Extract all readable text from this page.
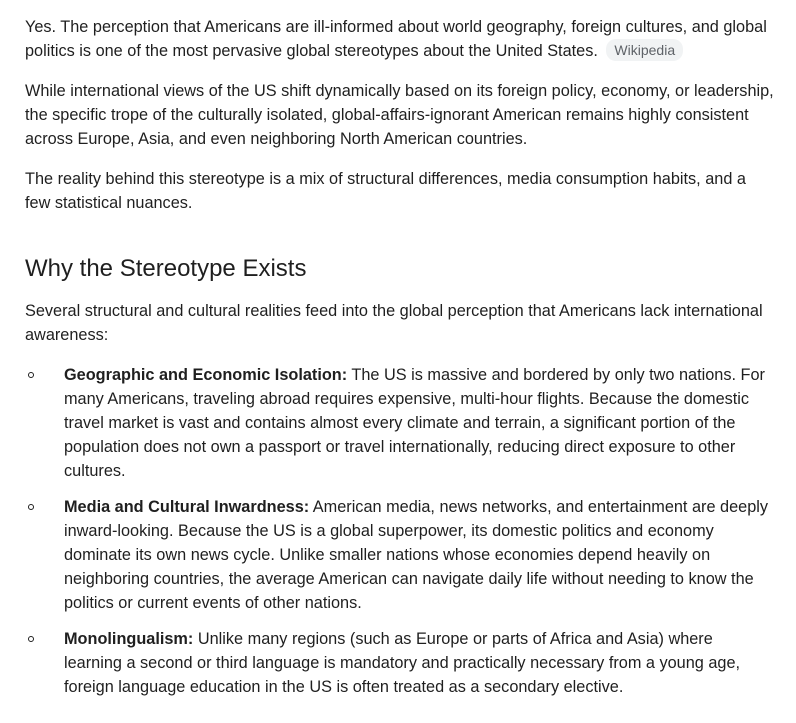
Yes. The perception that Americans are ill-informed about world geography, foreign cultures, and global politics is one of the most pervasive global stereotypes about the United States. Wikipedia

While international views of the US shift dynamically based on its foreign policy, economy, or leadership, the specific trope of the culturally isolated, global-affairs-ignorant American remains highly consistent across Europe, Asia, and even neighboring North American countries.

The reality behind this stereotype is a mix of structural differences, media consumption habits, and a few statistical nuances.

Why the Stereotype Exists

Several structural and cultural realities feed into the global perception that Americans lack international awareness:

Geographic and Economic Isolation: The US is massive and bordered by only two nations. For many Americans, traveling abroad requires expensive, multi-hour flights. Because the domestic travel market is vast and contains almost every climate and terrain, a significant portion of the population does not own a passport or travel internationally, reducing direct exposure to other cultures.
Media and Cultural Inwardness: American media, news networks, and entertainment are deeply inward-looking. Because the US is a global superpower, its domestic politics and economy dominate its own news cycle. Unlike smaller nations whose economies depend heavily on neighboring countries, the average American can navigate daily life without needing to know the politics or current events of other nations.
Monolingualism: Unlike many regions (such as Europe or parts of Africa and Asia) where learning a second or third language is mandatory and practically necessary from a young age, foreign language education in the US is often treated as a secondary elective.
